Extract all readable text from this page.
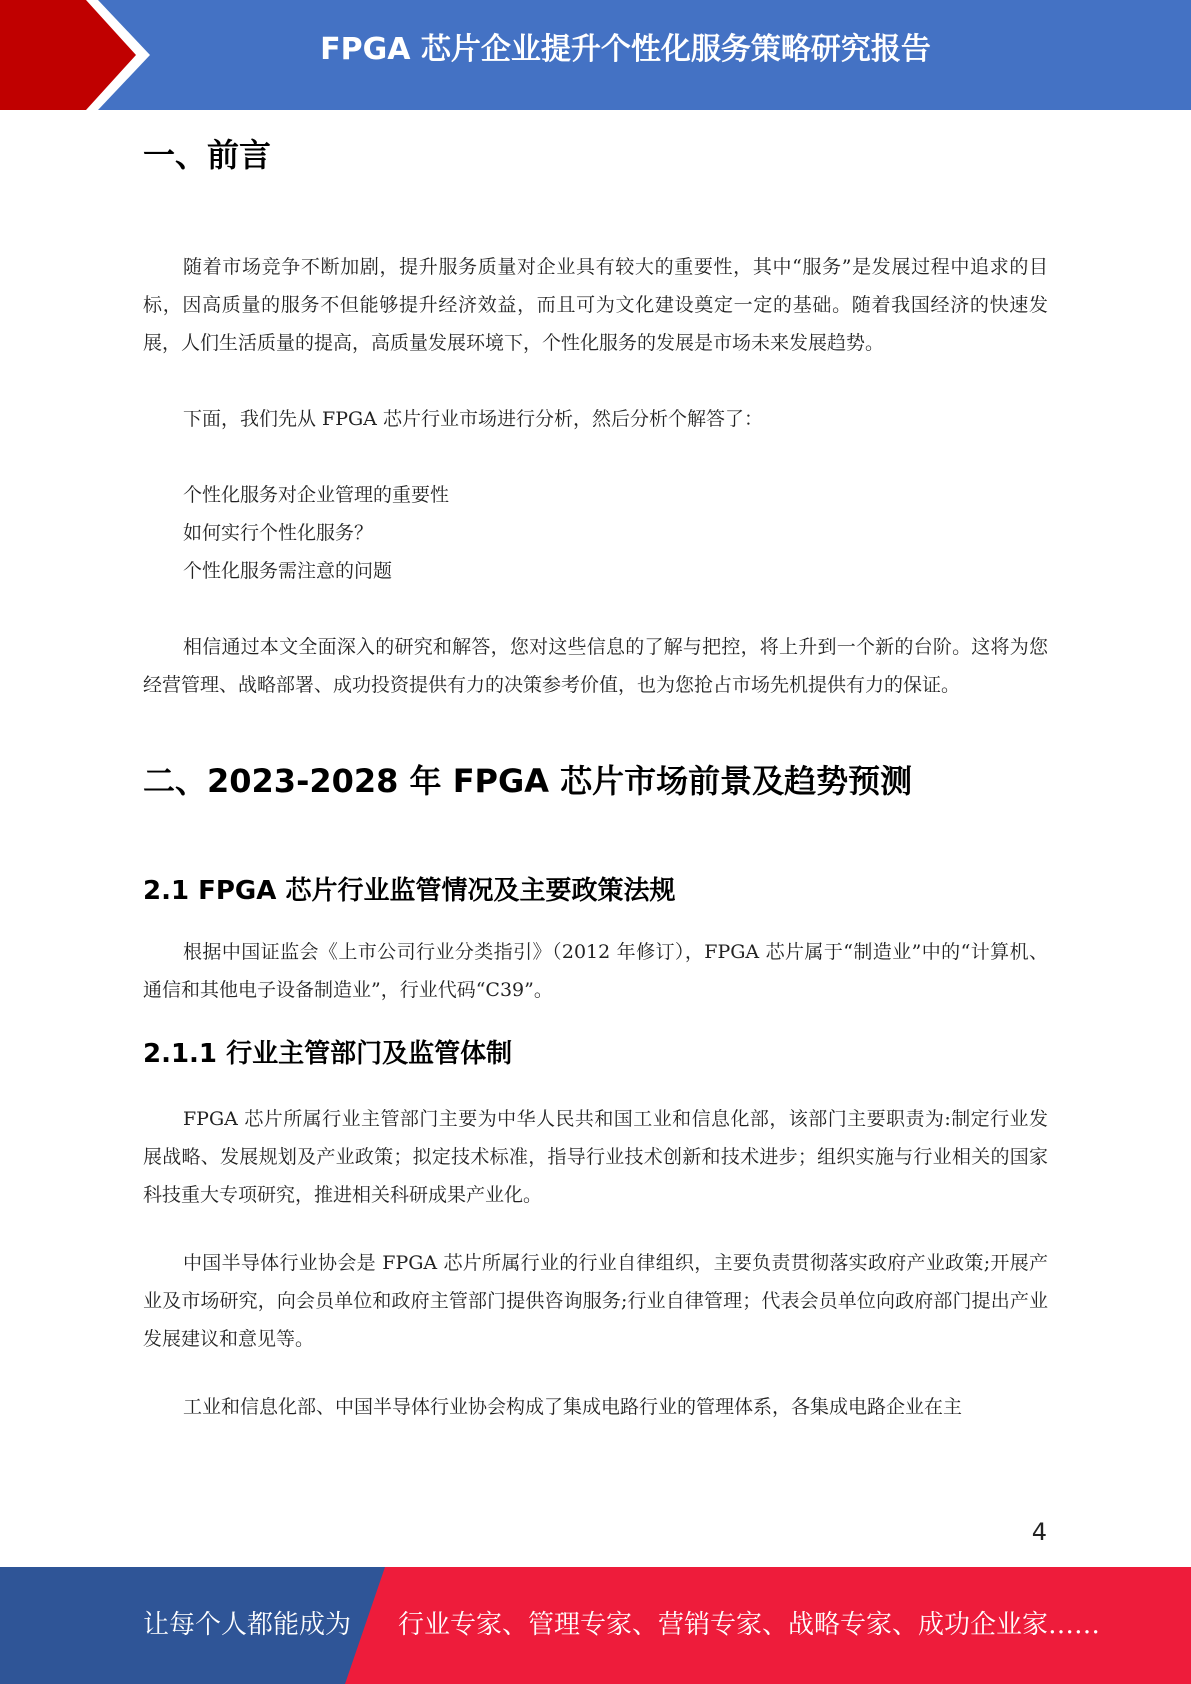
FPGA 芯片企业提升个性化服务策略研究报告
一、前言

随着市场竞争不断加剧，提升服务质量对企业具有较大的重要性，其中“服务”是发展过程中追求的目标，因高质量的服务不但能够提升经济效益，而且可为文化建设奠定一定的基础。随着我国经济的快速发展，人们生活质量的提高，高质量发展环境下，个性化服务的发展是市场未来发展趋势。

下面，我们先从 FPGA 芯片行业市场进行分析，然后分析个解答了：

个性化服务对企业管理的重要性
如何实行个性化服务？
个性化服务需注意的问题

相信通过本文全面深入的研究和解答，您对这些信息的了解与把控，将上升到一个新的台阶。这将为您经营管理、战略部署、成功投资提供有力的决策参考价值，也为您抢占市场先机提供有力的保证。

二、2023-2028 年 FPGA 芯片市场前景及趋势预测
2.1 FPGA 芯片行业监管情况及主要政策法规

根据中国证监会《上市公司行业分类指引》（2012 年修订），FPGA 芯片属于“制造业”中的“计算机、通信和其他电子设备制造业”，行业代码“C39”。

2.1.1 行业主管部门及监管体制

FPGA 芯片所属行业主管部门主要为中华人民共和国工业和信息化部，该部门主要职责为:制定行业发展战略、发展规划及产业政策；拟定技术标准，指导行业技术创新和技术进步；组织实施与行业相关的国家科技重大专项研究，推进相关科研成果产业化。

中国半导体行业协会是 FPGA 芯片所属行业的行业自律组织，主要负责贯彻落实政府产业政策;开展产业及市场研究，向会员单位和政府主管部门提供咨询服务;行业自律管理；代表会员单位向政府部门提出产业发展建议和意见等。

工业和信息化部、中国半导体行业协会构成了集成电路行业的管理体系，各集成电路企业在主

4
让每个人都能成为 行业专家、管理专家、营销专家、战略专家、成功企业家……
